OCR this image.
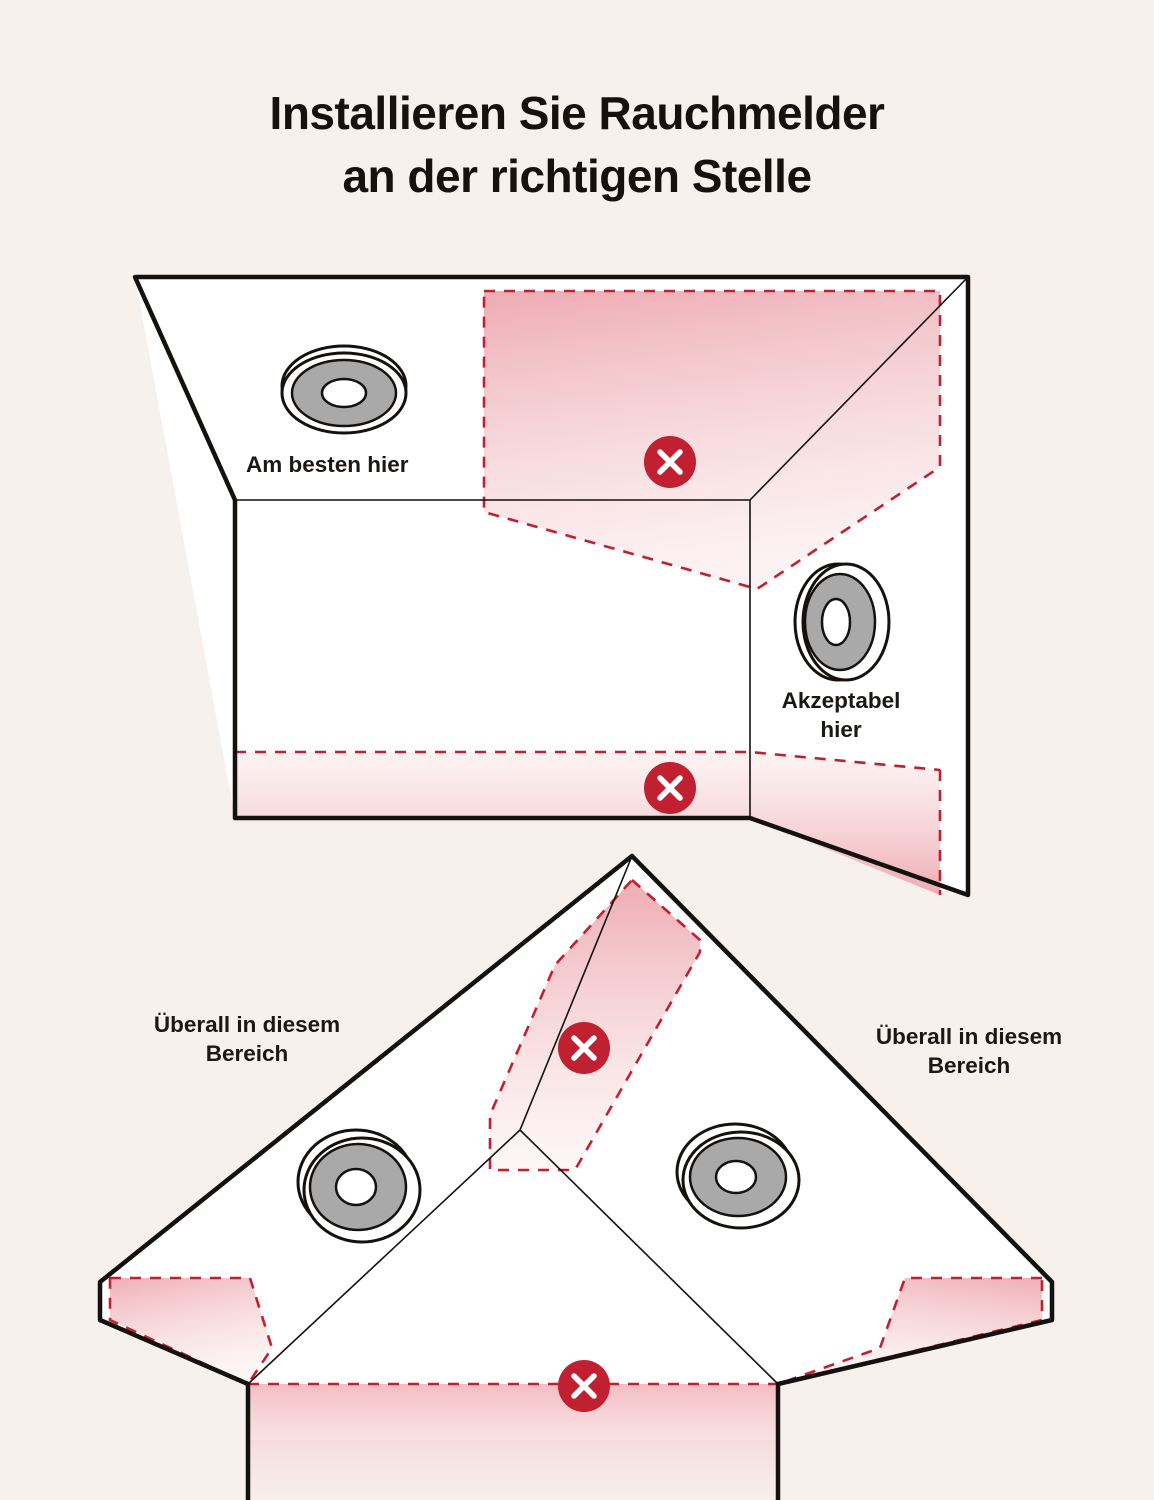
Installieren Sie Rauchmelder
an der richtigen Stelle
Am besten hier
Akzeptabel
hier
Überall in diesem
Bereich
Überall in diesem
Bereich
